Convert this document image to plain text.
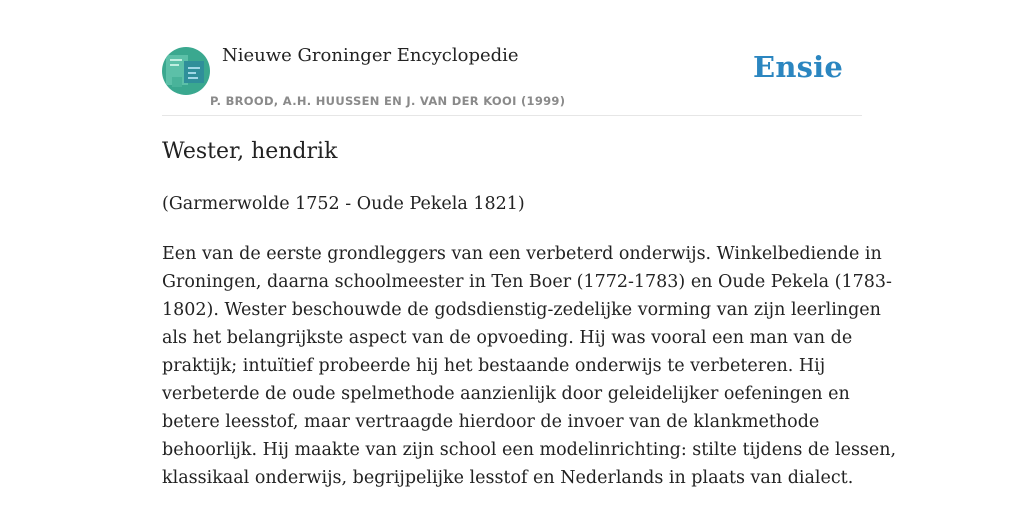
Nieuwe Groninger Encyclopedie
P. BROOD, A.H. HUUSSEN EN J. VAN DER KOOI (1999)
Ensie
Wester, hendrik

(Garmerwolde 1752 - Oude Pekela 1821)

Een van de eerste grondleggers van een verbeterd onderwijs. Winkelbediende in
Groningen, daarna schoolmeester in Ten Boer (1772-1783) en Oude Pekela (1783-
1802). Wester beschouwde de godsdienstig-zedelijke vorming van zijn leerlingen
als het belangrijkste aspect van de opvoeding. Hij was vooral een man van de
praktijk; intuïtief probeerde hij het bestaande onderwijs te verbeteren. Hij
verbeterde de oude spelmethode aanzienlijk door geleidelijker oefeningen en
betere leesstof, maar vertraagde hierdoor de invoer van de klankmethode
behoorlijk. Hij maakte van zijn school een modelinrichting: stilte tijdens de lessen,
klassikaal onderwijs, begrijpelijke lesstof en Nederlands in plaats van dialect.
